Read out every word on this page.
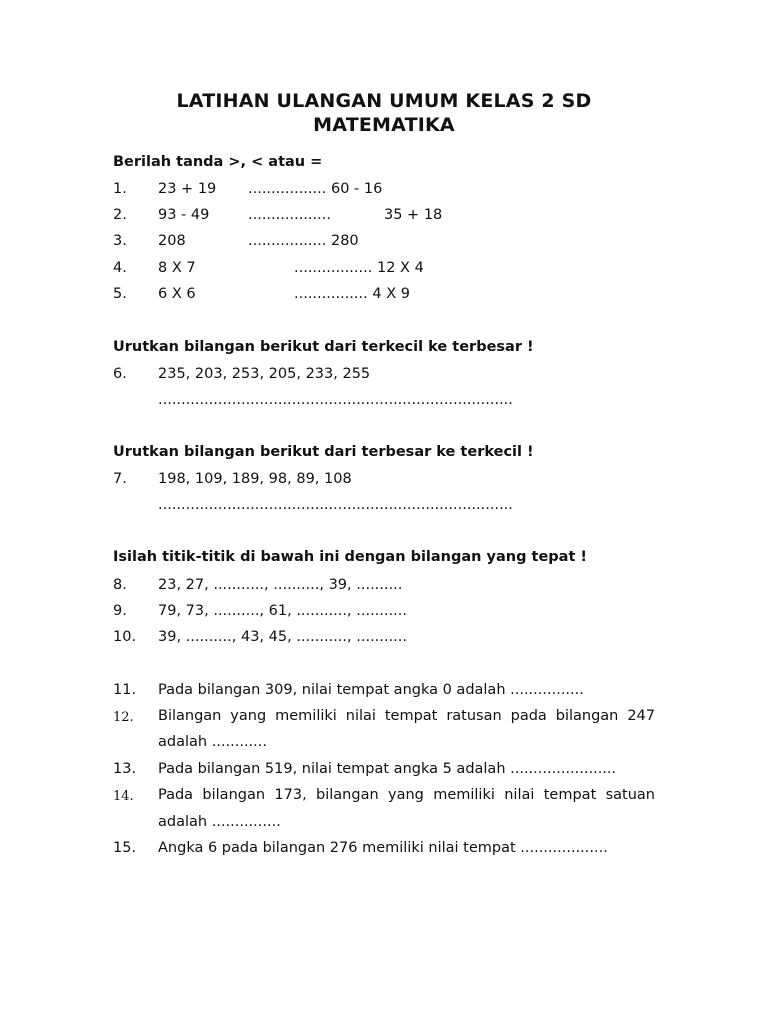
LATIHAN ULANGAN UMUM KELAS 2 SD
MATEMATIKA
Berilah tanda >, < atau =
1. 23 + 19 ................. 60 - 16
2. 93 - 49	..................	35 + 18
3. 208	................. 280
4. 8 X 7	................. 12 X 4
5. 6 X 6	................ 4 X 9
Urutkan bilangan berikut dari terkecil ke terbesar !
6. 235, 203, 253, 205, 233, 255
.............................................................................
Urutkan bilangan berikut dari terbesar ke terkecil !
7. 198, 109, 189, 98, 89, 108
.............................................................................
Isilah titik-titik di bawah ini dengan bilangan yang tepat !
8. 23, 27, ..........., .........., 39, ..........
9. 79, 73, .........., 61, ..........., ...........
10. 39, .........., 43, 45, ..........., ...........
11. Pada bilangan 309, nilai tempat angka 0 adalah ................
12. Bilangan yang memiliki nilai tempat ratusan pada bilangan 247
adalah ............
13. Pada bilangan 519, nilai tempat angka 5 adalah .......................
14. Pada bilangan 173, bilangan yang memiliki nilai tempat satuan
adalah ...............
15. Angka 6 pada bilangan 276 memiliki nilai tempat ...................
